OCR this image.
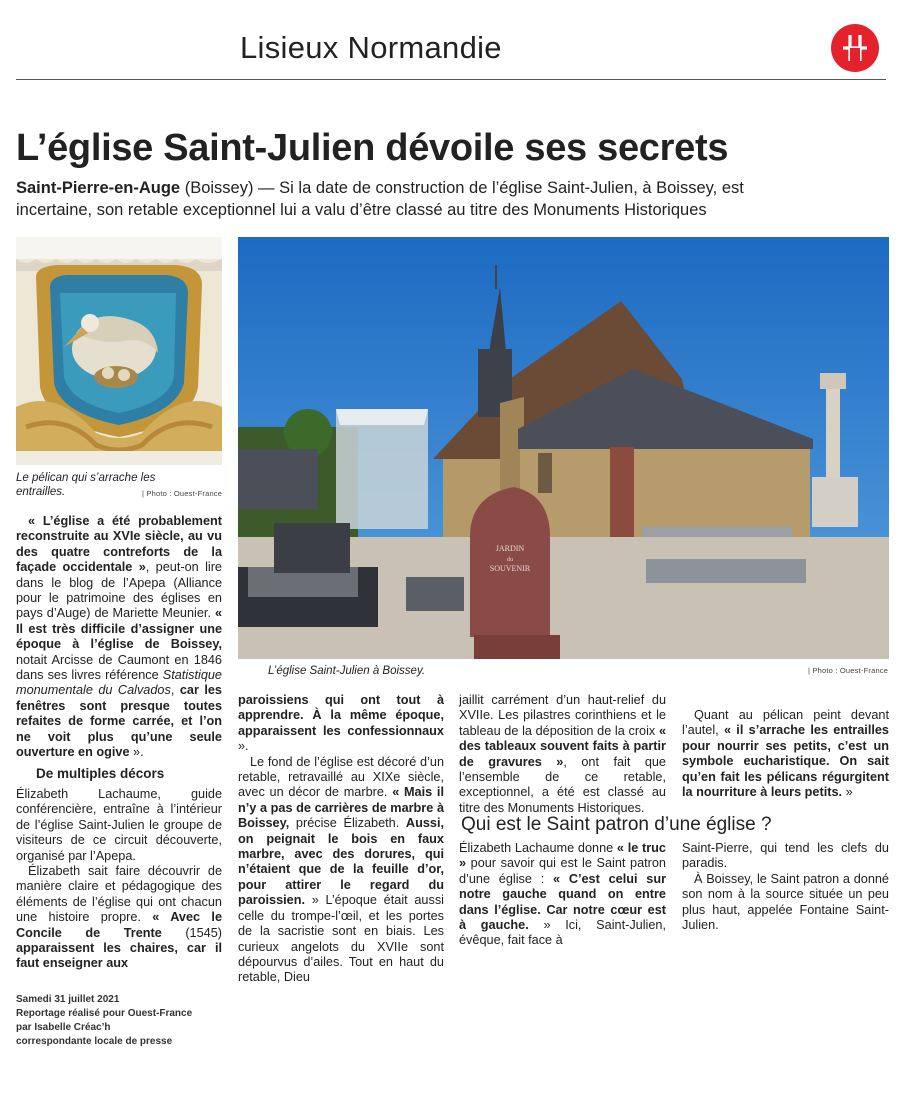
Lisieux Normandie
L’église Saint-Julien dévoile ses secrets
Saint-Pierre-en-Auge (Boissey) — Si la date de construction de l’église Saint-Julien, à Boissey, est incertaine, son retable exceptionnel lui a valu d’être classé au titre des Monuments Historiques
Le pélican qui s’arrache les entrailles.	| Photo : Ouest-France
JARDIN
du
SOUVENIR
L’église Saint-Julien à Boissey.	| Photo : Ouest-France

« L’église a été probablement reconstruite au XVIe siècle, au vu des quatre contreforts de la façade occidentale », peut-on lire dans le blog de l’Apepa (Alliance pour le patrimoine des églises en pays d’Auge) de Mariette Meunier. « Il est très difficile d’assigner une époque à l’église de Boissey, notait Arcisse de Caumont en 1846 dans ses livres référence Statistique monumentale du Calvados, car les fenêtres sont presque toutes refaites de forme carrée, et l’on ne voit plus qu’une seule ouverture en ogive ».

De multiples décors

Élizabeth Lachaume, guide conférencière, entraîne à l’intérieur de l’église Saint-Julien le groupe de visiteurs de ce circuit découverte, organisé par l’Apepa.

Élizabeth sait faire découvrir de manière claire et pédagogique des éléments de l’église qui ont chacun une histoire propre. « Avec le Concile de Trente (1545) apparaissent les chaires, car il faut enseigner aux

paroissiens qui ont tout à apprendre. À la même époque, apparaissent les confessionnaux ».

Le fond de l’église est décoré d’un retable, retravaillé au XIXe siècle, avec un décor de marbre. « Mais il n’y a pas de carrières de marbre à Boissey, précise Élizabeth. Aussi, on peignait le bois en faux marbre, avec des dorures, qui n’étaient que de la feuille d’or, pour attirer le regard du paroissien. » L’époque était aussi celle du trompe-l’œil, et les portes de la sacristie sont en biais. Les curieux angelots du XVIIe sont dépourvus d’ailes. Tout en haut du retable, Dieu

jaillit carrément d’un haut-relief du XVIIe. Les pilastres corinthiens et le tableau de la déposition de la croix « des tableaux souvent faits à partir de gravures », ont fait que l’ensemble de ce retable, exceptionnel, a été est classé au titre des Monuments Historiques.

Quant au pélican peint devant l’autel, « il s’arrache les entrailles pour nourrir ses petits, c’est un symbole eucharistique. On sait qu’en fait les pélicans régurgitent la nourriture à leurs petits. »

Qui est le Saint patron d’une église ?

Élizabeth Lachaume donne « le truc » pour savoir qui est le Saint patron d’une église : « C’est celui sur notre gauche quand on entre dans l’église. Car notre cœur est à gauche. » Ici, Saint-Julien, évêque, fait face à

Saint-Pierre, qui tend les clefs du paradis.

À Boissey, le Saint patron a donné son nom à la source située un peu plus haut, appelée Fontaine Saint-Julien.

Samedi 31 juillet 2021
Reportage réalisé pour Ouest-France
par Isabelle Créac’h
correspondante locale de presse
